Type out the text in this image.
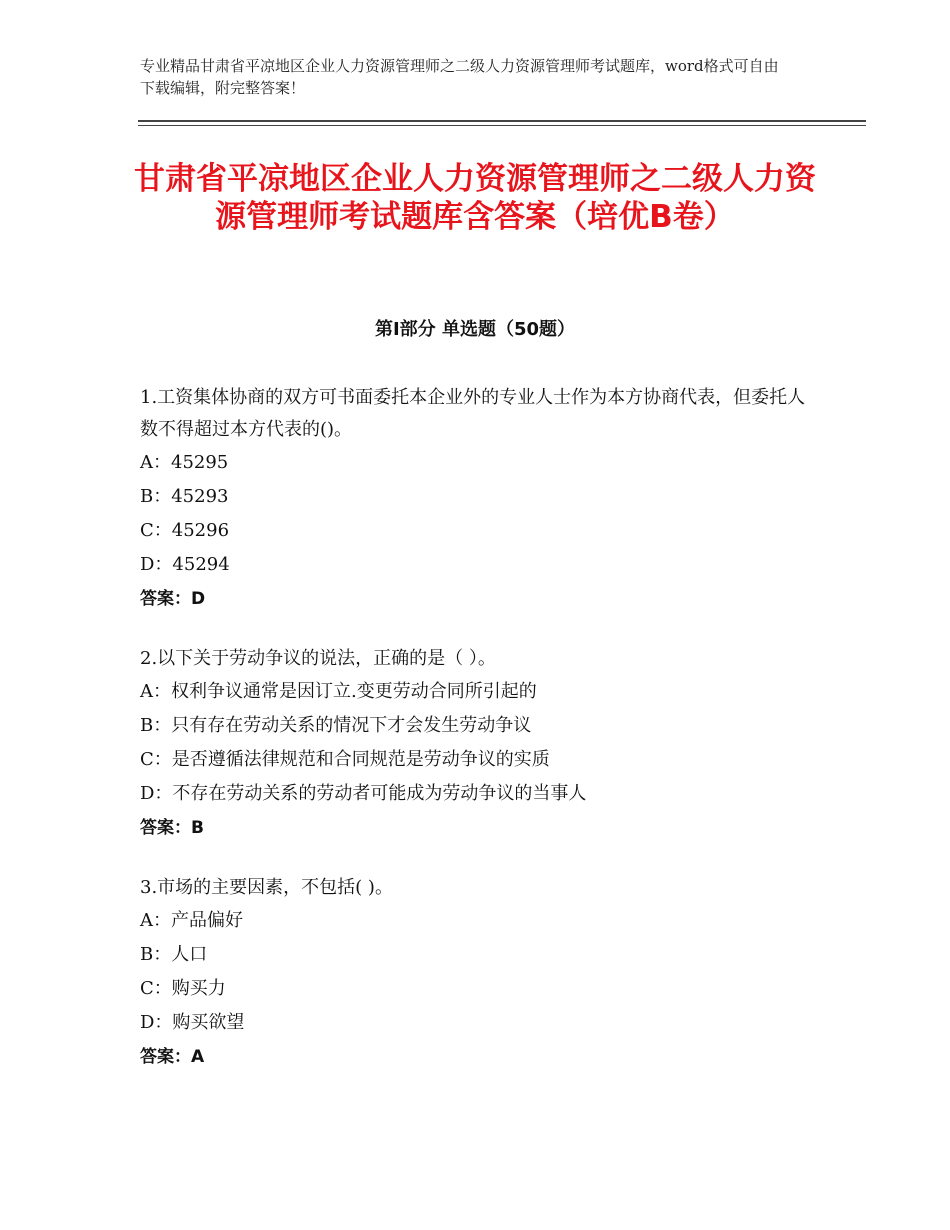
专业精品甘肃省平凉地区企业人力资源管理师之二级人力资源管理师考试题库，word格式可自由下载编辑，附完整答案！
甘肃省平凉地区企业人力资源管理师之二级人力资源管理师考试题库含答案（培优B卷）
第Ⅰ部分 单选题（50题）
1.工资集体协商的双方可书面委托本企业外的专业人士作为本方协商代表，但委托人数不得超过本方代表的()。
A：45295
B：45293
C：45296
D：45294
答案：D
2.以下关于劳动争议的说法，正确的是（ ）。
A：权利争议通常是因订立.变更劳动合同所引起的
B：只有存在劳动关系的情况下才会发生劳动争议
C：是否遵循法律规范和合同规范是劳动争议的实质
D：不存在劳动关系的劳动者可能成为劳动争议的当事人
答案：B
3.市场的主要因素，不包括( )。
A：产品偏好
B：人口
C：购买力
D：购买欲望
答案：A
